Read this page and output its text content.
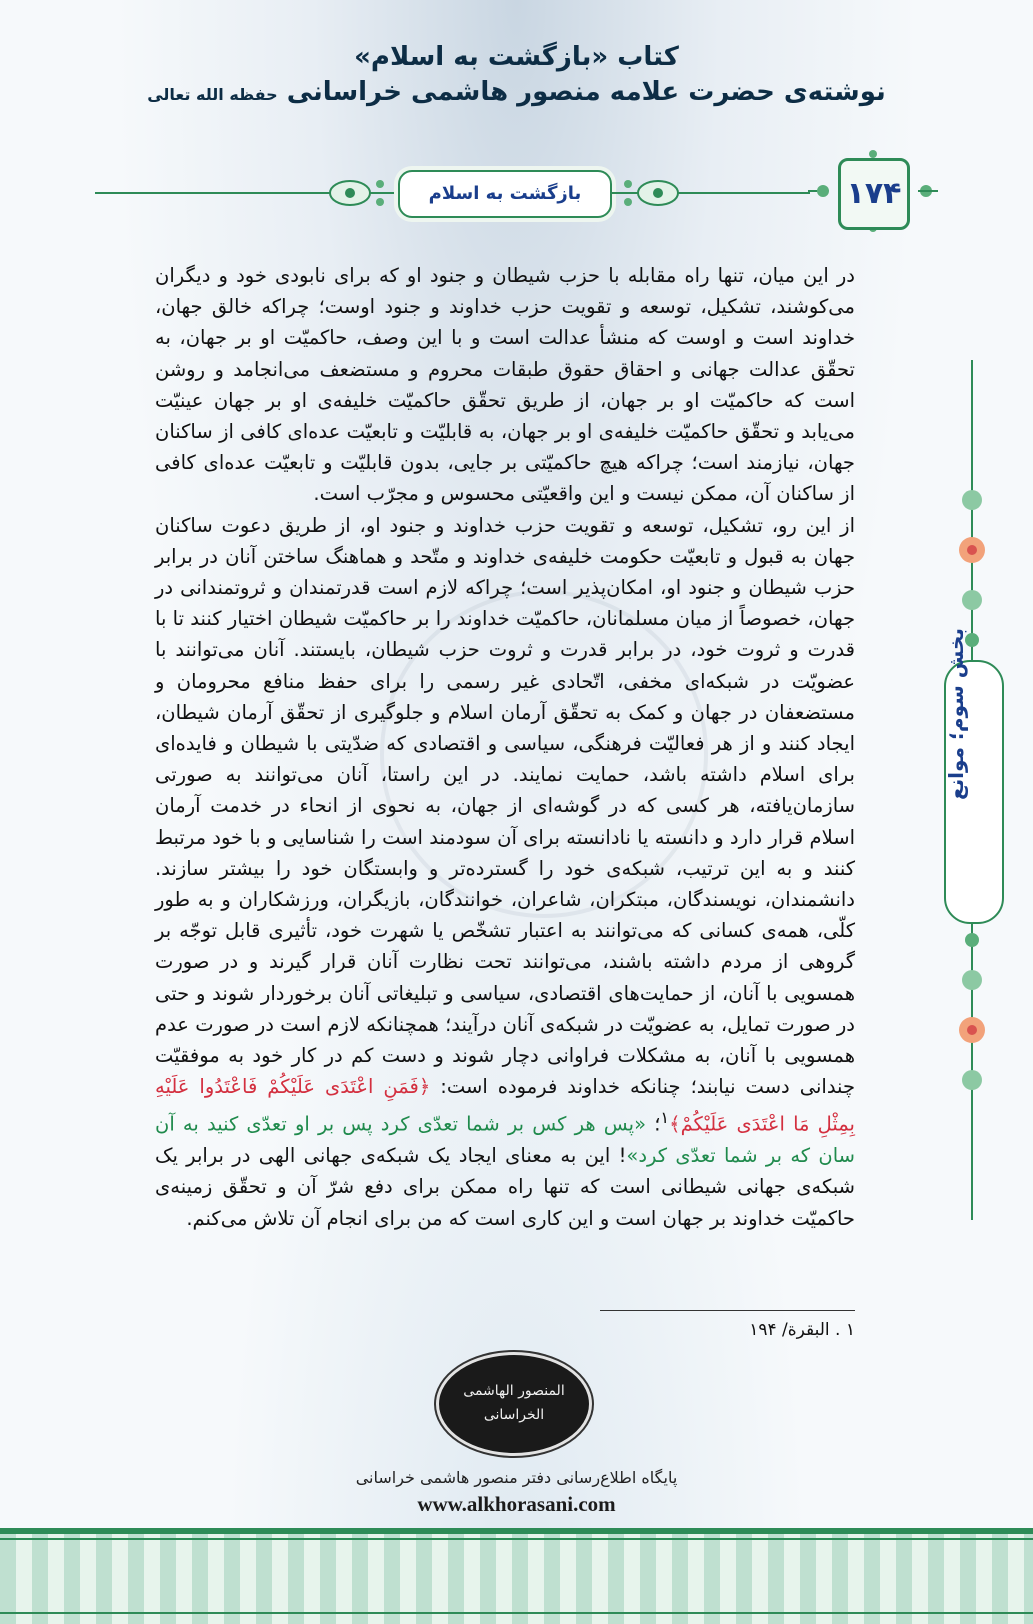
کتاب «بازگشت به اسلام»
نوشته‌ی حضرت علامه منصور هاشمی خراسانی حفظه الله تعالی
بازگشت به اسلام	۱۷۴
بخش سوم؛ موانع

در این میان، تنها راه مقابله با حزب شیطان و جنود او که برای نابودی خود و دیگران می‌کوشند، تشکیل، توسعه و تقویت حزب خداوند و جنود اوست؛ چراکه خالق جهان، خداوند است و اوست که منشأ عدالت است و با این وصف، حاکمیّت او بر جهان، به تحقّق عدالت جهانی و احقاق حقوق طبقات محروم و مستضعف می‌انجامد و روشن است که حاکمیّت او بر جهان، از طریق تحقّق حاکمیّت خلیفه‌ی او بر جهان عینیّت می‌یابد و تحقّق حاکمیّت خلیفه‌ی او بر جهان، به قابلیّت و تابعیّت عده‌ای کافی از ساکنان جهان، نیازمند است؛ چراکه هیچ حاکمیّتی بر جایی، بدون قابلیّت و تابعیّت عده‌ای کافی از ساکنان آن، ممکن نیست و این واقعیّتی محسوس و مجرّب است.

از این رو، تشکیل، توسعه و تقویت حزب خداوند و جنود او، از طریق دعوت ساکنان جهان به قبول و تابعیّت حکومت خلیفه‌ی خداوند و متّحد و هماهنگ ساختن آنان در برابر حزب شیطان و جنود او، امکان‌پذیر است؛ چراکه لازم است قدرتمندان و ثروتمندانی در جهان، خصوصاً از میان مسلمانان، حاکمیّت خداوند را بر حاکمیّت شیطان اختیار کنند تا با قدرت و ثروت خود، در برابر قدرت و ثروت حزب شیطان، بایستند. آنان می‌توانند با عضویّت در شبکه‌ای مخفی، اتّحادی غیر رسمی را برای حفظ منافع محرومان و مستضعفان در جهان و کمک به تحقّق آرمان اسلام و جلوگیری از تحقّق آرمان شیطان، ایجاد کنند و از هر فعالیّت فرهنگی، سیاسی و اقتصادی که ضدّیتی با شیطان و فایده‌ای برای اسلام داشته باشد، حمایت نمایند. در این راستا، آنان می‌توانند به صورتی سازمان‌یافته، هر کسی که در گوشه‌ای از جهان، به نحوی از انحاء در خدمت آرمان اسلام قرار دارد و دانسته یا نادانسته برای آن سودمند است را شناسایی و با خود مرتبط کنند و به این ترتیب، شبکه‌ی خود را گسترده‌تر و وابستگان خود را بیشتر سازند. دانشمندان، نویسندگان، مبتکران، شاعران، خوانندگان، بازیگران، ورزشکاران و به طور کلّی، همه‌ی کسانی که می‌توانند به اعتبار تشخّص یا شهرت خود، تأثیری قابل توجّه بر گروهی از مردم داشته باشند، می‌توانند تحت نظارت آنان قرار گیرند و در صورت همسویی با آنان، از حمایت‌های اقتصادی، سیاسی و تبلیغاتی آنان برخوردار شوند و حتی در صورت تمایل، به عضویّت در شبکه‌ی آنان درآیند؛ همچنانکه لازم است در صورت عدم همسویی با آنان، به مشکلات فراوانی دچار شوند و دست کم در کار خود به موفقیّت چندانی دست نیابند؛ چنانکه خداوند فرموده است: ﴿فَمَنِ اعْتَدَى عَلَيْكُمْ فَاعْتَدُوا عَلَيْهِ بِمِثْلِ مَا اعْتَدَى عَلَيْكُمْ﴾$^۱$؛ «پس هر کس بر شما تعدّی کرد پس بر او تعدّی کنید به آن سان که بر شما تعدّی کرد»! این به معنای ایجاد یک شبکه‌ی جهانی الهی در برابر یک شبکه‌ی جهانی شیطانی است که تنها راه ممکن برای دفع شرّ آن و تحقّق زمینه‌ی حاکمیّت خداوند بر جهان است و این کاری است که من برای انجام آن تلاش می‌کنم.

۱ . البقرة/ ۱۹۴
المنصور الهاشمی الخراسانی
پایگاه اطلاع‌رسانی دفتر منصور هاشمی خراسانی
www.alkhorasani.com
